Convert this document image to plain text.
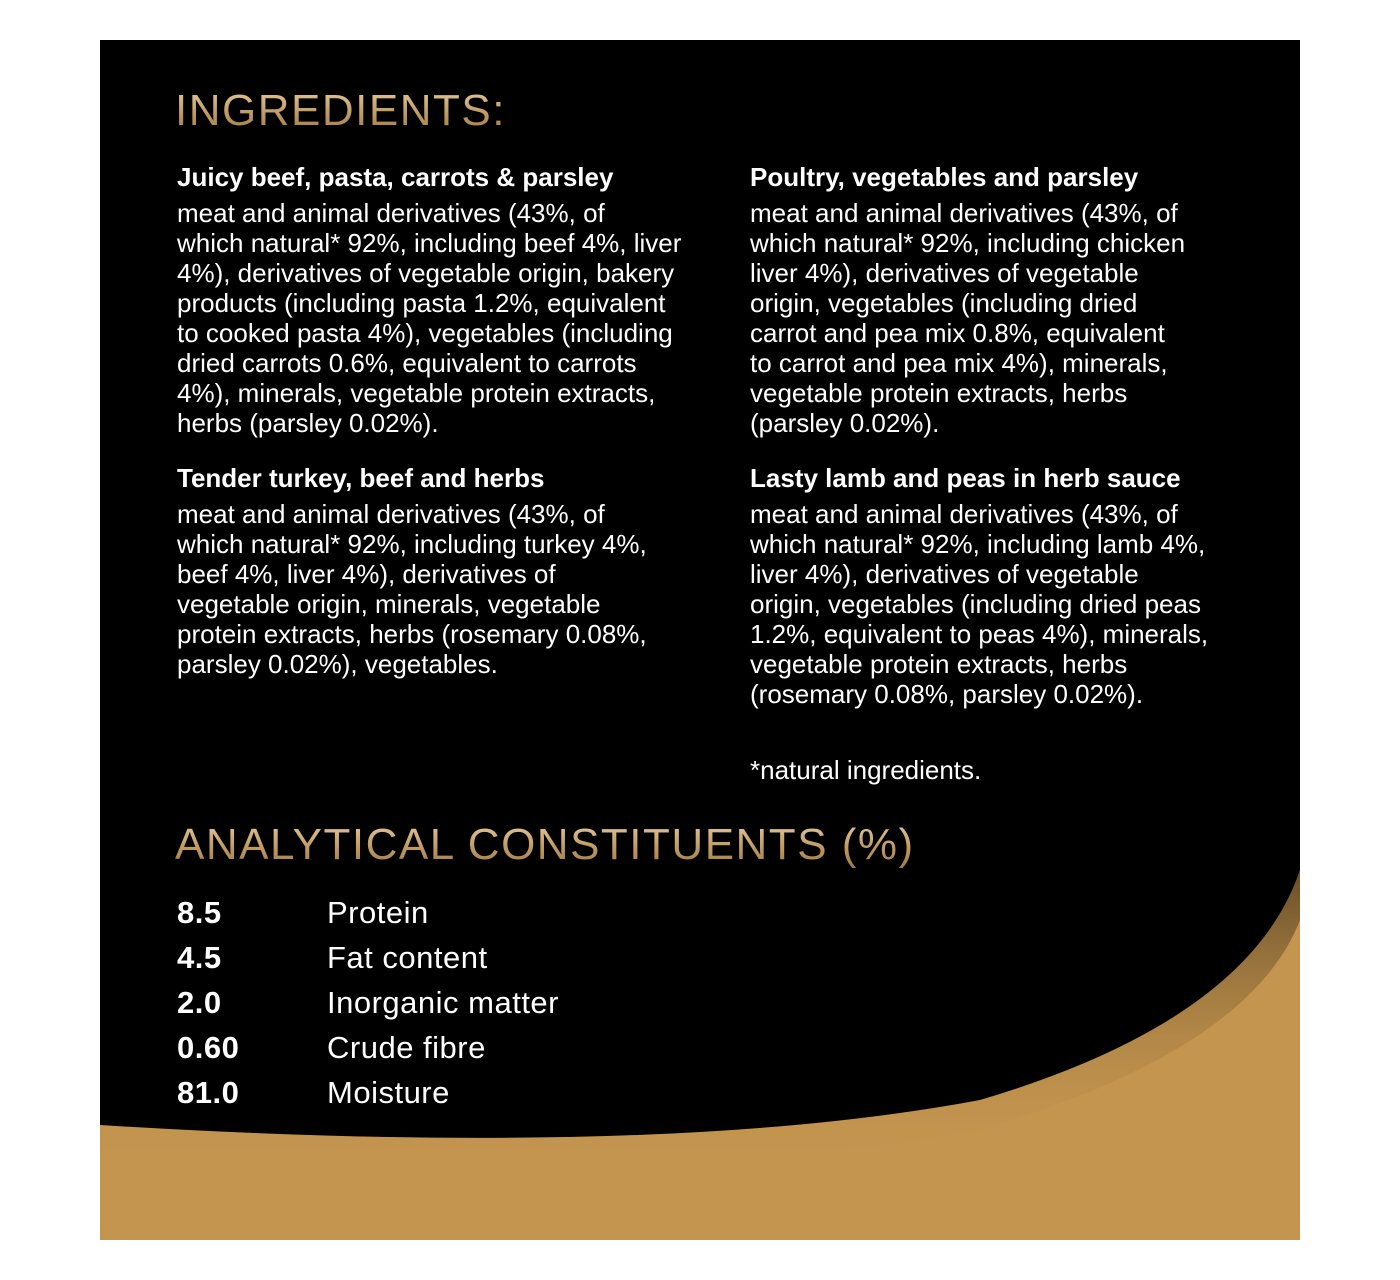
INGREDIENTS:
Juicy beef, pasta, carrots & parsley
meat and animal derivatives (43%, of
which natural* 92%, including beef 4%, liver
4%), derivatives of vegetable origin, bakery
products (including pasta 1.2%, equivalent
to cooked pasta 4%), vegetables (including
dried carrots 0.6%, equivalent to carrots
4%), minerals, vegetable protein extracts,
herbs (parsley 0.02%).
Poultry, vegetables and parsley
meat and animal derivatives (43%, of
which natural* 92%, including chicken
liver 4%), derivatives of vegetable
origin, vegetables (including dried
carrot and pea mix 0.8%, equivalent
to carrot and pea mix 4%), minerals,
vegetable protein extracts, herbs
(parsley 0.02%).
Tender turkey, beef and herbs
meat and animal derivatives (43%, of
which natural* 92%, including turkey 4%,
beef 4%, liver 4%), derivatives of
vegetable origin, minerals, vegetable
protein extracts, herbs (rosemary 0.08%,
parsley 0.02%), vegetables.
Lasty lamb and peas in herb sauce
meat and animal derivatives (43%, of
which natural* 92%, including lamb 4%,
liver 4%), derivatives of vegetable
origin, vegetables (including dried peas
1.2%, equivalent to peas 4%), minerals,
vegetable protein extracts, herbs
(rosemary 0.08%, parsley 0.02%).
*natural ingredients.
ANALYTICAL CONSTITUENTS (%)
8.5	Protein
4.5	Fat content
2.0	Inorganic matter
0.60	Crude fibre
81.0	Moisture
